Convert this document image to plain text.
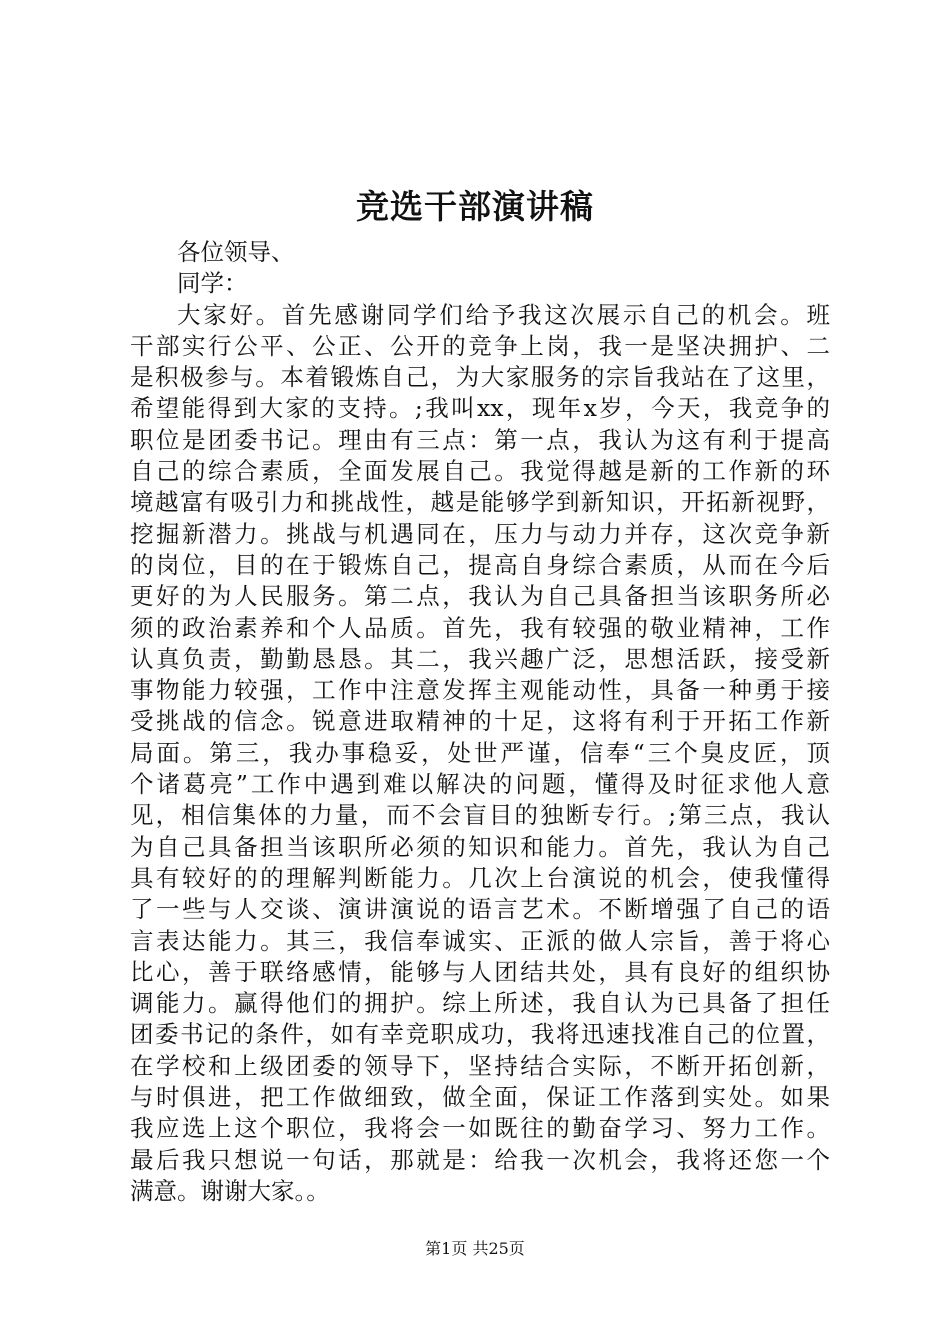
竞选干部演讲稿
各位领导、
同学：
大家好。首先感谢同学们给予我这次展示自己的机会。班
干部实行公平、公正、公开的竞争上岗，我一是坚决拥护、二
是积极参与。本着锻炼自己，为大家服务的宗旨我站在了这里，
希望能得到大家的支持。;我叫xx，现年x岁，今天，我竞争的
职位是团委书记。理由有三点：第一点，我认为这有利于提高
自己的综合素质，全面发展自己。我觉得越是新的工作新的环
境越富有吸引力和挑战性，越是能够学到新知识，开拓新视野，
挖掘新潜力。挑战与机遇同在，压力与动力并存，这次竞争新
的岗位，目的在于锻炼自己，提高自身综合素质，从而在今后
更好的为人民服务。第二点，我认为自己具备担当该职务所必
须的政治素养和个人品质。首先，我有较强的敬业精神，工作
认真负责，勤勤恳恳。其二，我兴趣广泛，思想活跃，接受新
事物能力较强，工作中注意发挥主观能动性，具备一种勇于接
受挑战的信念。锐意进取精神的十足，这将有利于开拓工作新
局面。第三，我办事稳妥，处世严谨，信奉“三个臭皮匠，顶
个诸葛亮”工作中遇到难以解决的问题，懂得及时征求他人意
见，相信集体的力量，而不会盲目的独断专行。;第三点，我认
为自己具备担当该职所必须的知识和能力。首先，我认为自己
具有较好的的理解判断能力。几次上台演说的机会，使我懂得
了一些与人交谈、演讲演说的语言艺术。不断增强了自己的语
言表达能力。其三，我信奉诚实、正派的做人宗旨，善于将心
比心，善于联络感情，能够与人团结共处，具有良好的组织协
调能力。赢得他们的拥护。综上所述，我自认为已具备了担任
团委书记的条件，如有幸竞职成功，我将迅速找准自己的位置，
在学校和上级团委的领导下，坚持结合实际，不断开拓创新，
与时俱进，把工作做细致，做全面，保证工作落到实处。如果
我应选上这个职位，我将会一如既往的勤奋学习、努力工作。
最后我只想说一句话，那就是：给我一次机会，我将还您一个
满意。谢谢大家。。
第1页 共25页
